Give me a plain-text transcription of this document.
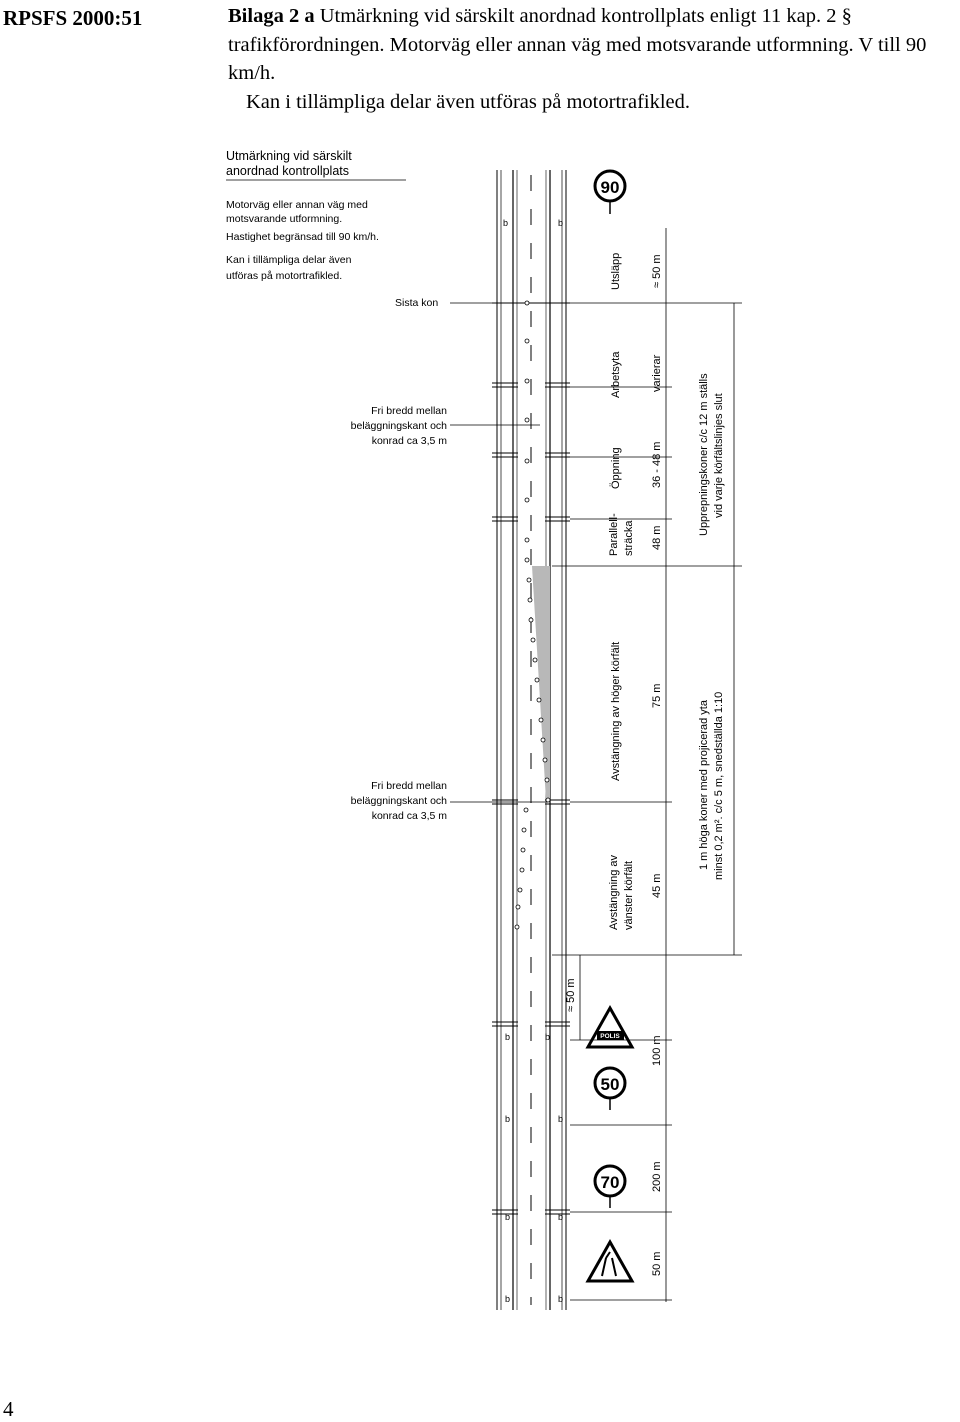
RPSFS 2000:51	Bilaga 2 a Utmärkning vid särskilt anordnad kontrollplats enligt 11 kap. 2 § trafikförordningen. Motorväg eller annan väg med motsvarande utformning. V till 90 km/h.
Kan i tillämpliga delar även utföras på motortrafikled.
Utmärkning vid särskilt
anordnad kontrollplats
Motorväg eller annan väg med
motsvarande utformning.
Hastighet begränsad till 90 km/h.
Kan i tillämpliga delar även
utföras på motortrafikled.
b	b
b	b
b	b
b	b
b	b
Sista kon
Fri bredd mellan
beläggningskant och
konrad ca 3,5 m
Fri bredd mellan
beläggningskant och
konrad ca 3,5 m
90
POLIS
50
70
Utsläpp
Arbetsyta
Öppning
Parallell- sträcka
Avstängning av höger körfält
Avstängning av vänster körfält
≈ 50 m
varierar
36 - 48 m
48 m
75 m
45 m
≈ 50 m
100 m
200 m
50 m
Upprepningskoner c/c 12 m ställs vid varje körfältslinjes slut
1 m höga koner med projicerad yta minst 0,2 m². c/c 5 m, snedställda 1:10
4
